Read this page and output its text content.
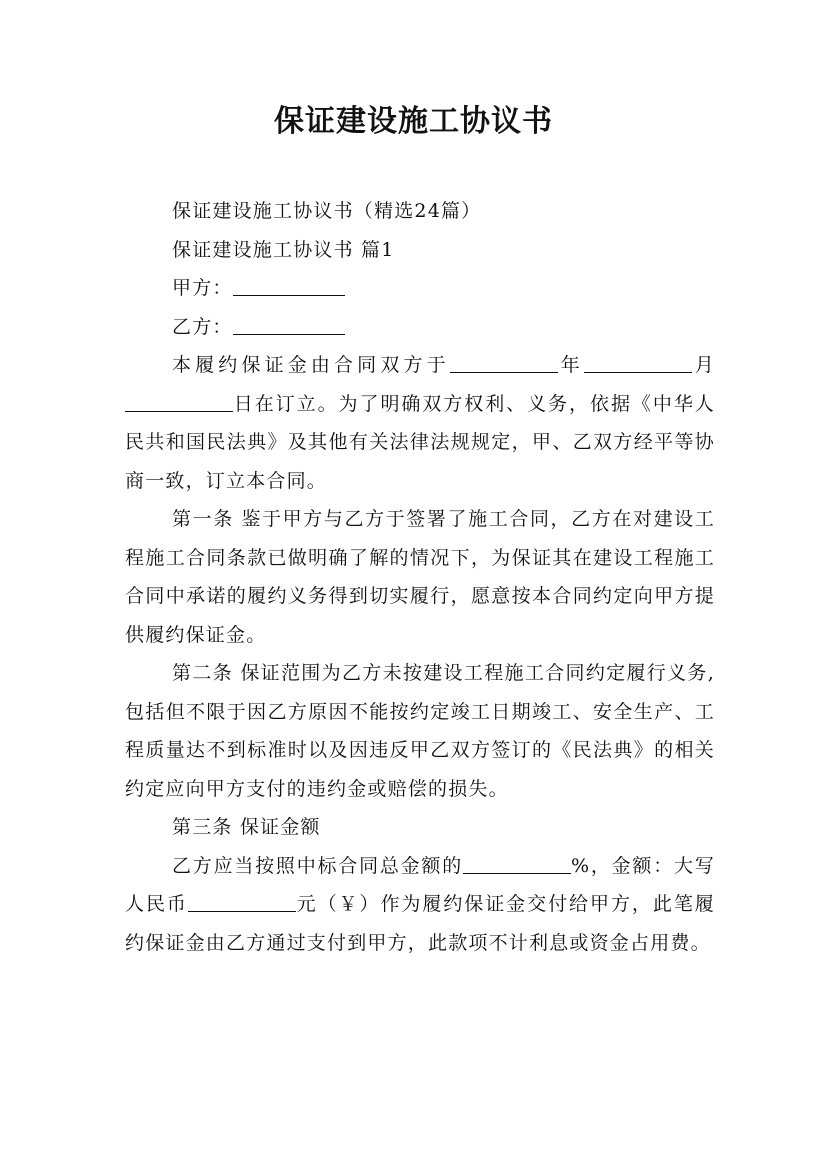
保证建设施工协议书

保证建设施工协议书（精选24篇）

保证建设施工协议书 篇1

甲方：

乙方：

本履约保证金由合同双方于	年	月日在订立。为了明确双方权利、义务，依据《中华人民共和国民法典》及其他有关法律法规规定，甲、乙双方经平等协商一致，订立本合同。

第一条 鉴于甲方与乙方于签署了施工合同，乙方在对建设工程施工合同条款已做明确了解的情况下，为保证其在建设工程施工合同中承诺的履约义务得到切实履行，愿意按本合同约定向甲方提供履约保证金。

第二条 保证范围为乙方未按建设工程施工合同约定履行义务,包括但不限于因乙方原因不能按约定竣工日期竣工、安全生产、工程质量达不到标准时以及因违反甲乙双方签订的《民法典》的相关约定应向甲方支付的违约金或赔偿的损失。

第三条 保证金额

乙方应当按照中标合同总金额的	%，金额：大写人民币	元（￥）作为履约保证金交付给甲方，此笔履约保证金由乙方通过支付到甲方，此款项不计利息或资金占用费。
